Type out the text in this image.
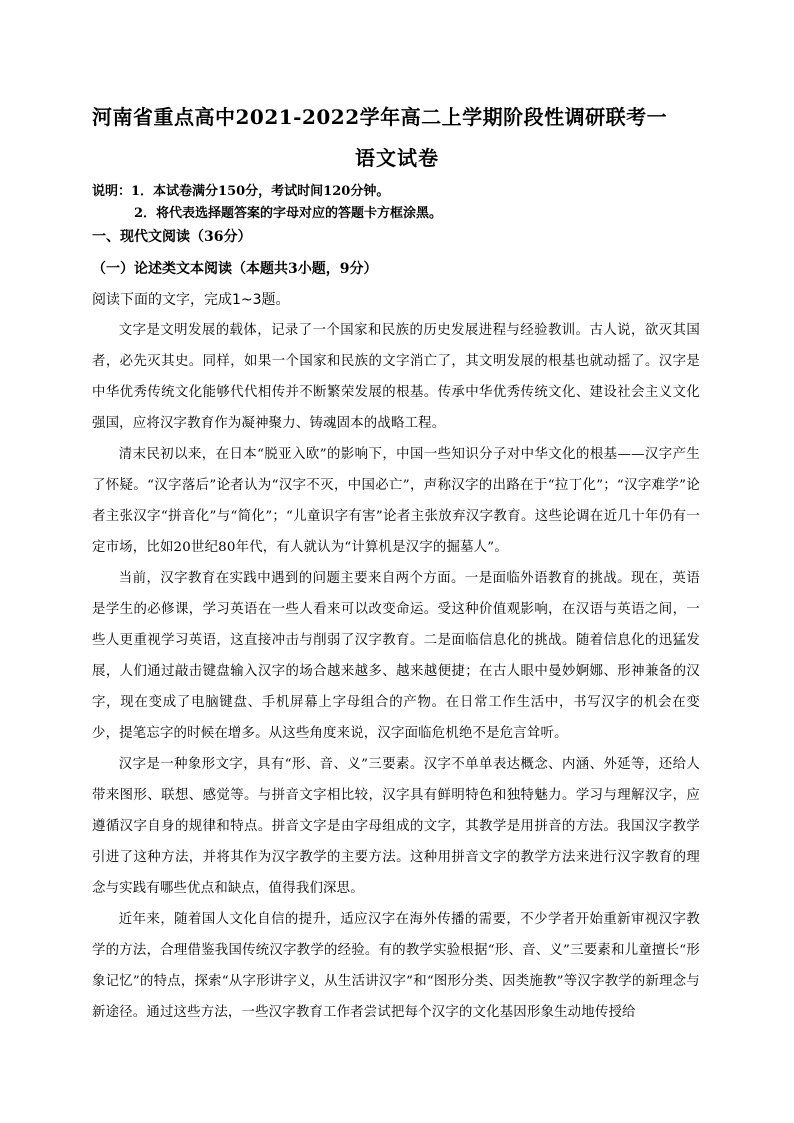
河南省重点高中2021-2022学年高二上学期阶段性调研联考一
语文试卷
说明：1．本试卷满分150分，考试时间120分钟。
2．将代表选择题答案的字母对应的答题卡方框涂黑。
一、现代文阅读（36分）
（一）论述类文本阅读（本题共3小题，9分）
阅读下面的文字，完成1~3题。

文字是文明发展的载体，记录了一个国家和民族的历史发展进程与经验教训。古人说，欲灭其国者，必先灭其史。同样，如果一个国家和民族的文字消亡了，其文明发展的根基也就动摇了。汉字是中华优秀传统文化能够代代相传并不断繁荣发展的根基。传承中华优秀传统文化、建设社会主义文化强国，应将汉字教育作为凝神聚力、铸魂固本的战略工程。

清末民初以来，在日本“脱亚入欧”的影响下，中国一些知识分子对中华文化的根基——汉字产生了怀疑。“汉字落后”论者认为“汉字不灭，中国必亡”，声称汉字的出路在于“拉丁化”；“汉字难学”论者主张汉字“拼音化”与“简化”；“儿童识字有害”论者主张放弃汉字教育。这些论调在近几十年仍有一定市场，比如20世纪80年代，有人就认为“计算机是汉字的掘墓人”。

当前，汉字教育在实践中遇到的问题主要来自两个方面。一是面临外语教育的挑战。现在，英语是学生的必修课，学习英语在一些人看来可以改变命运。受这种价值观影响，在汉语与英语之间，一些人更重视学习英语，这直接冲击与削弱了汉字教育。二是面临信息化的挑战。随着信息化的迅猛发展，人们通过敲击键盘输入汉字的场合越来越多、越来越便捷；在古人眼中曼妙婀娜、形神兼备的汉字，现在变成了电脑键盘、手机屏幕上字母组合的产物。在日常工作生活中，书写汉字的机会在变少，提笔忘字的时候在增多。从这些角度来说，汉字面临危机绝不是危言耸听。

汉字是一种象形文字，具有“形、音、义”三要素。汉字不单单表达概念、内涵、外延等，还给人带来图形、联想、感觉等。与拼音文字相比较，汉字具有鲜明特色和独特魅力。学习与理解汉字，应遵循汉字自身的规律和特点。拼音文字是由字母组成的文字，其教学是用拼音的方法。我国汉字教学引进了这种方法，并将其作为汉字教学的主要方法。这种用拼音文字的教学方法来进行汉字教育的理念与实践有哪些优点和缺点，值得我们深思。

近年来，随着国人文化自信的提升，适应汉字在海外传播的需要，不少学者开始重新审视汉字教学的方法，合理借鉴我国传统汉字教学的经验。有的教学实验根据“形、音、义”三要素和儿童擅长“形象记忆”的特点，探索“从字形讲字义，从生活讲汉字”和“图形分类、因类施教”等汉字教学的新理念与新途径。通过这些方法，一些汉字教育工作者尝试把每个汉字的文化基因形象生动地传授给
